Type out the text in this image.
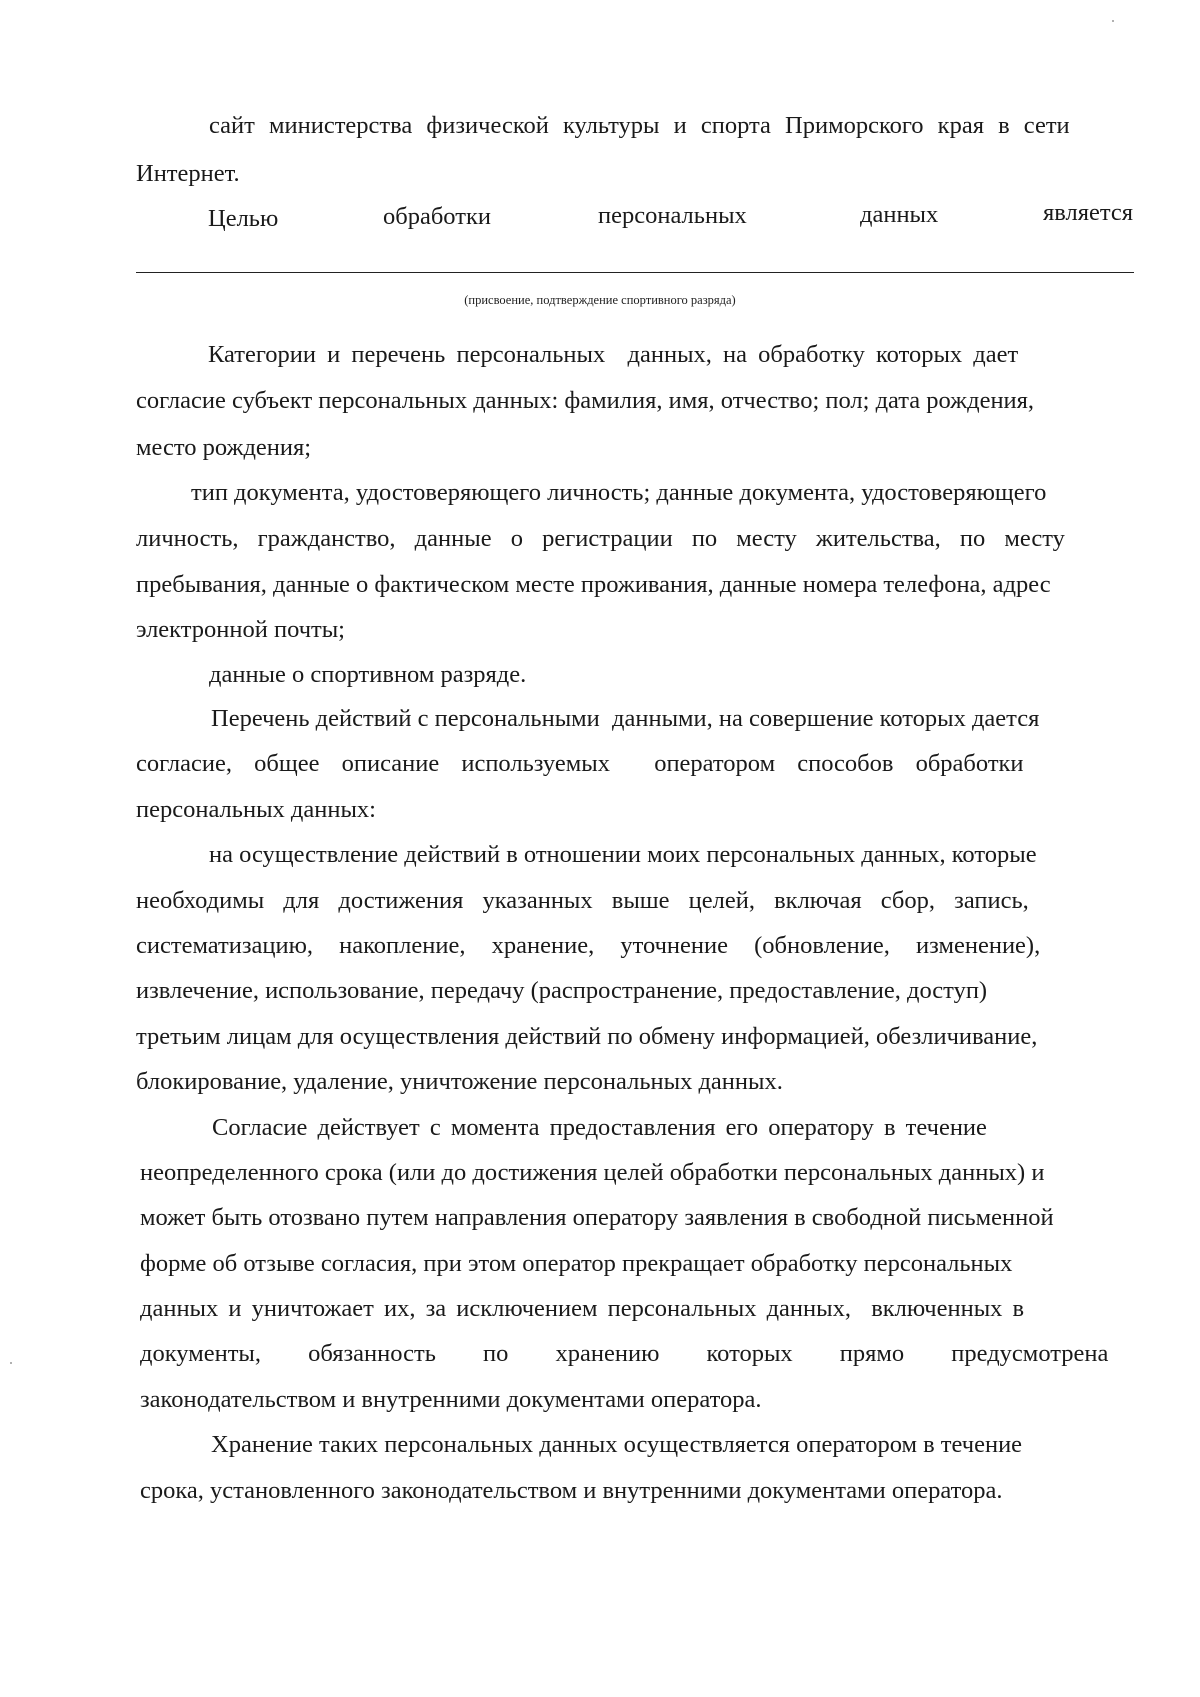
сайт министерства физической культуры и спорта Приморского края в сети
Интернет.
Целью	обработки	персональных	данных	является
(присвоение, подтверждение спортивного разряда)
Категории и перечень персональных  данных, на обработку которых дает
согласие субъект персональных данных: фамилия, имя, отчество; пол; дата рождения,
место рождения;
тип документа, удостоверяющего личность; данные документа, удостоверяющего
личность, гражданство, данные о регистрации по месту жительства, по месту
пребывания, данные о фактическом месте проживания, данные номера телефона, адрес
электронной почты;
данные о спортивном разряде.
Перечень действий с персональными  данными, на совершение которых дается
согласие, общее описание используемых  оператором способов обработки
персональных данных:
на осуществление действий в отношении моих персональных данных, которые
необходимы для достижения указанных выше целей, включая сбор, запись,
систематизацию, накопление, хранение, уточнение (обновление, изменение),
извлечение, использование, передачу (распространение, предоставление, доступ)
третьим лицам для осуществления действий по обмену информацией, обезличивание,
блокирование, удаление, уничтожение персональных данных.
Согласие действует с момента предоставления его оператору в течение
неопределенного срока (или до достижения целей обработки персональных данных) и
может быть отозвано путем направления оператору заявления в свободной письменной
форме об отзыве согласия, при этом оператор прекращает обработку персональных
данных и уничтожает их, за исключением персональных данных,  включенных в
документы, обязанность по хранению которых прямо предусмотрена
законодательством и внутренними документами оператора.
Хранение таких персональных данных осуществляется оператором в течение
срока, установленного законодательством и внутренними документами оператора.
